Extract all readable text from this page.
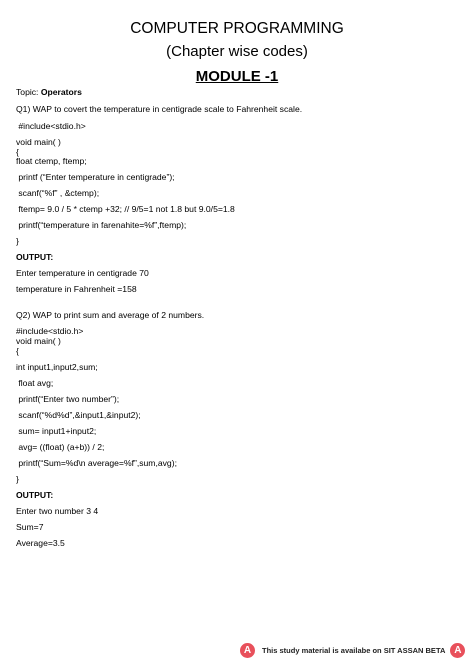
COMPUTER PROGRAMMING
(Chapter wise codes)
MODULE -1
Topic: Operators
Q1) WAP to covert the temperature in centigrade scale to Fahrenheit scale.
#include<stdio.h>
void main( )
{
float ctemp, ftemp;
printf (“Enter temperature in centigrade”);
scanf(“%f” , &ctemp);
ftemp= 9.0 / 5 * ctemp +32; // 9/5=1 not 1.8 but 9.0/5=1.8
printf(“temperature in farenahite=%f”,ftemp);
}
OUTPUT:
Enter temperature in centigrade 70
temperature in Fahrenheit =158
Q2) WAP to print sum and average of 2 numbers.
#include<stdio.h>
void main( )
{
int input1,input2,sum;
float avg;
printf(“Enter two number”);
scanf(“%d%d”,&input1,&input2);
sum= input1+input2;
avg= ((float) (a+b)) / 2;
printf(“Sum=%d\n average=%f”,sum,avg);
}
OUTPUT:
Enter two number 3 4
Sum=7
Average=3.5
A	This study material is availabe on SIT ASSAN BETA A
